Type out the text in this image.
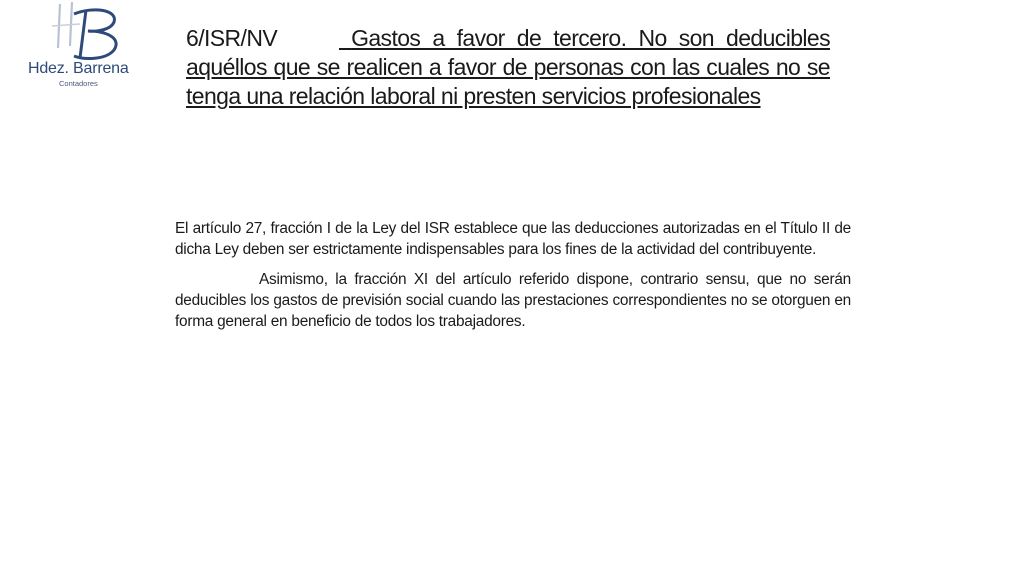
Hdez. Barrena
Contadores
6/ISR/NV	Gastos a favor de tercero. No son deducibles aquéllos que se realicen a favor de personas con las cuales no se tenga una relación laboral ni presten servicios profesionales

El artículo 27, fracción I de la Ley del ISR establece que las deducciones autorizadas en el Título II de dicha Ley deben ser estrictamente indispensables para los fines de la actividad del contribuyente.

Asimismo, la fracción XI del artículo referido dispone, contrario sensu, que no serán deducibles los gastos de previsión social cuando las prestaciones correspondientes no se otorguen en forma general en beneficio de todos los trabajadores.
